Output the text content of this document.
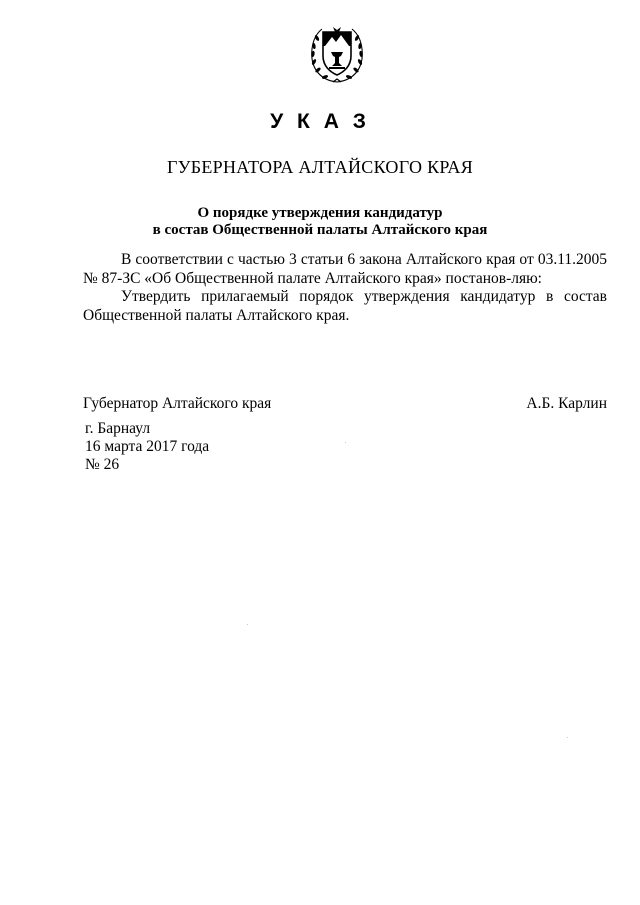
У К А З
ГУБЕРНАТОРА АЛТАЙСКОГО КРАЯ
О порядке утверждения кандидатур
в состав Общественной палаты Алтайского края

В соответствии с частью 3 статьи 6 закона Алтайского края от 03.11.2005 № 87-ЗС «Об Общественной палате Алтайского края» постанов-ляю:

Утвердить прилагаемый порядок утверждения кандидатур в состав Общественной палаты Алтайского края.

Губернатор Алтайского края	А.Б. Карлин
г. Барнаул
16 марта 2017 года
№ 26
